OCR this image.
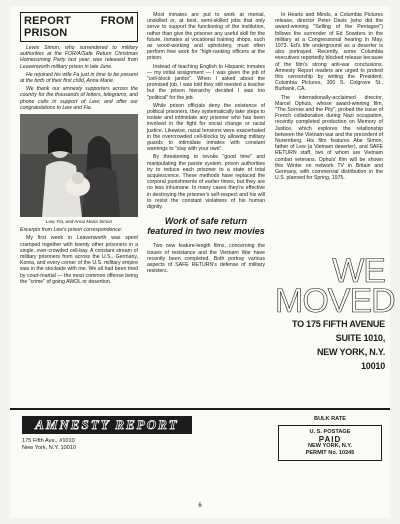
REPORT FROM PRISON

Lewis Simon, who surrendered to military authorities at the FOR/A/Safe Return Christmas Homecoming Party last year, was released from Leavenworth military prison in late June.

He rejoined his wife Fa just in time to be present at the birth of their first child, Anna Marie.

We thank our amnesty supporters across the country for the thousands of letters, telegrams, and phone calls in support of Lew; and offer our congratulations to Lew and Fia.

Lew, Fia, and Anna Maria Simon

Excerpts from Lew's prison correspondence:

My first week in Leavenworth was spent cramped together with twenty other prisoners in a single, over-crowded cell-bay. A constant stream of military prisoners from across the U.S., Germany, Korea, and every corner of the U.S. military empire was in the stockade with me. We all had been tried by court-martial — the most common offense being the "crime" of going AWOL or desertion.

Most inmates are put to work at menial, unskilled or, at best, semi-skilled jobs that only serve to support the functioning of the institution, rather than give the prisoner any useful skill for the future. Inmates at vocational training shops, such as wood-working and upholstery, must often perform free work for "high-ranking officers at the prison.

Instead of teaching English to Hispanic inmates — my initial assignment — I was given the job of "cell-block janitor". When I asked about the promised job, I was told they still needed a teacher but the prison hierarchy decided I was too "political" for the job.

While prison officials deny the existence of political prisoners, they systematically take steps to isolate and intimidate any prisoner who has been involved in the fight for social change or racial justice. Likewise, racial tensions were exacerbated in the overcrowded cell-blocks by allowing military guards to intimidate inmates with constant warnings to "stay with your own".

By threatening to revoke "good time" and manipulating the parole system, prison authorities try to reduce each prisoner to a state of total acquiescence. These methods have replaced the corporal punishments of earlier times, but they are no less inhumane. In many cases they're effective in destroying the prisoner's self-respect and his will to resist the constant violations of his human dignity.

Work of safe return featured in two new movies

Two new feature-length films, concerning the issues of resistance and the Vietnam War have recently been completed. Both portray various aspects of SAFE RETURN's defense of military resisters.

In Hearts and Minds, a Columbia Pictures release, director Peter Davis (who did the award-winning "Selling of the Pentagon") follows the surrender of Ed Sowders to the military at a Congressional hearing in May, 1973. Ed's life underground as a deserter is also portrayed. Recently, some Columbia executives reportedly blocked release because of the film's strong anti-war conclusions. Amnesty Report readers are urged to protest this censorship by writing the President, Columbia Pictures, 300 S. Colgrove St., Burbank, CA.

The internationally-acclaimed director, Marcel Ophuls, whose award-winning film, "The Sorrow and the Pity", probed the issue of French collaboration during Nazi occupation, recently completed production on Memory of Justice, which explores the relationship between the Vietnam war and the precedent of Nuremberg. His film features Abe Simon, father of Lew (a Vietnam deserter), and SAFE RETURN staff, two of whom are Vietnam combat veterans. Ophuls' film will be shown this Winter on network TV in Britain and Germany, with commercial distribution in the U.S. planned for Spring, 1975.

WE
MOVED
TO 175 FIFTH AVENUE
SUITE 1010,
NEW YORK, N.Y.
10010
AMNESTY REPORT
175 Fifth Ave., #1010
New York, N.Y. 10010
BULK RATE
U. S. POSTAGE
PAID
NEW YORK, N.Y.
PERMIT No. 10245
6
